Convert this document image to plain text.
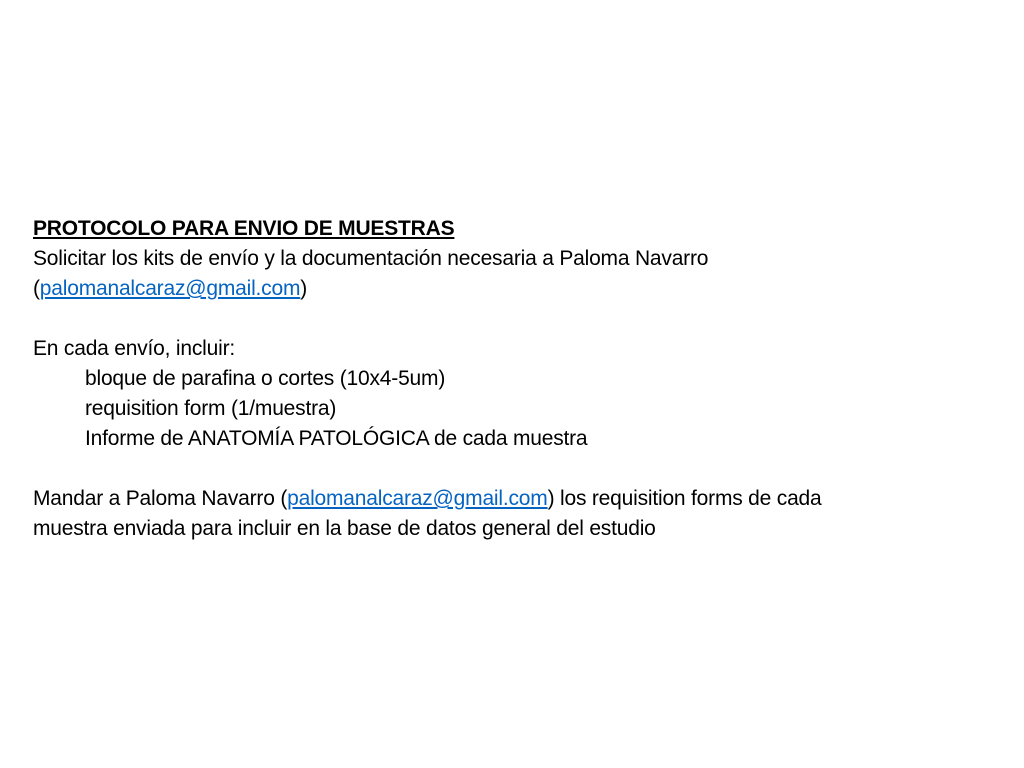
PROTOCOLO PARA ENVIO DE MUESTRAS
Solicitar los kits de envío y la documentación necesaria a Paloma Navarro
(palomanalcaraz@gmail.com)
En cada envío, incluir:
bloque de parafina o cortes (10x4-5um)
requisition form (1/muestra)
Informe de ANATOMÍA PATOLÓGICA de cada muestra
Mandar a Paloma Navarro (palomanalcaraz@gmail.com) los requisition forms de cada
muestra enviada para incluir en la base de datos general del estudio
